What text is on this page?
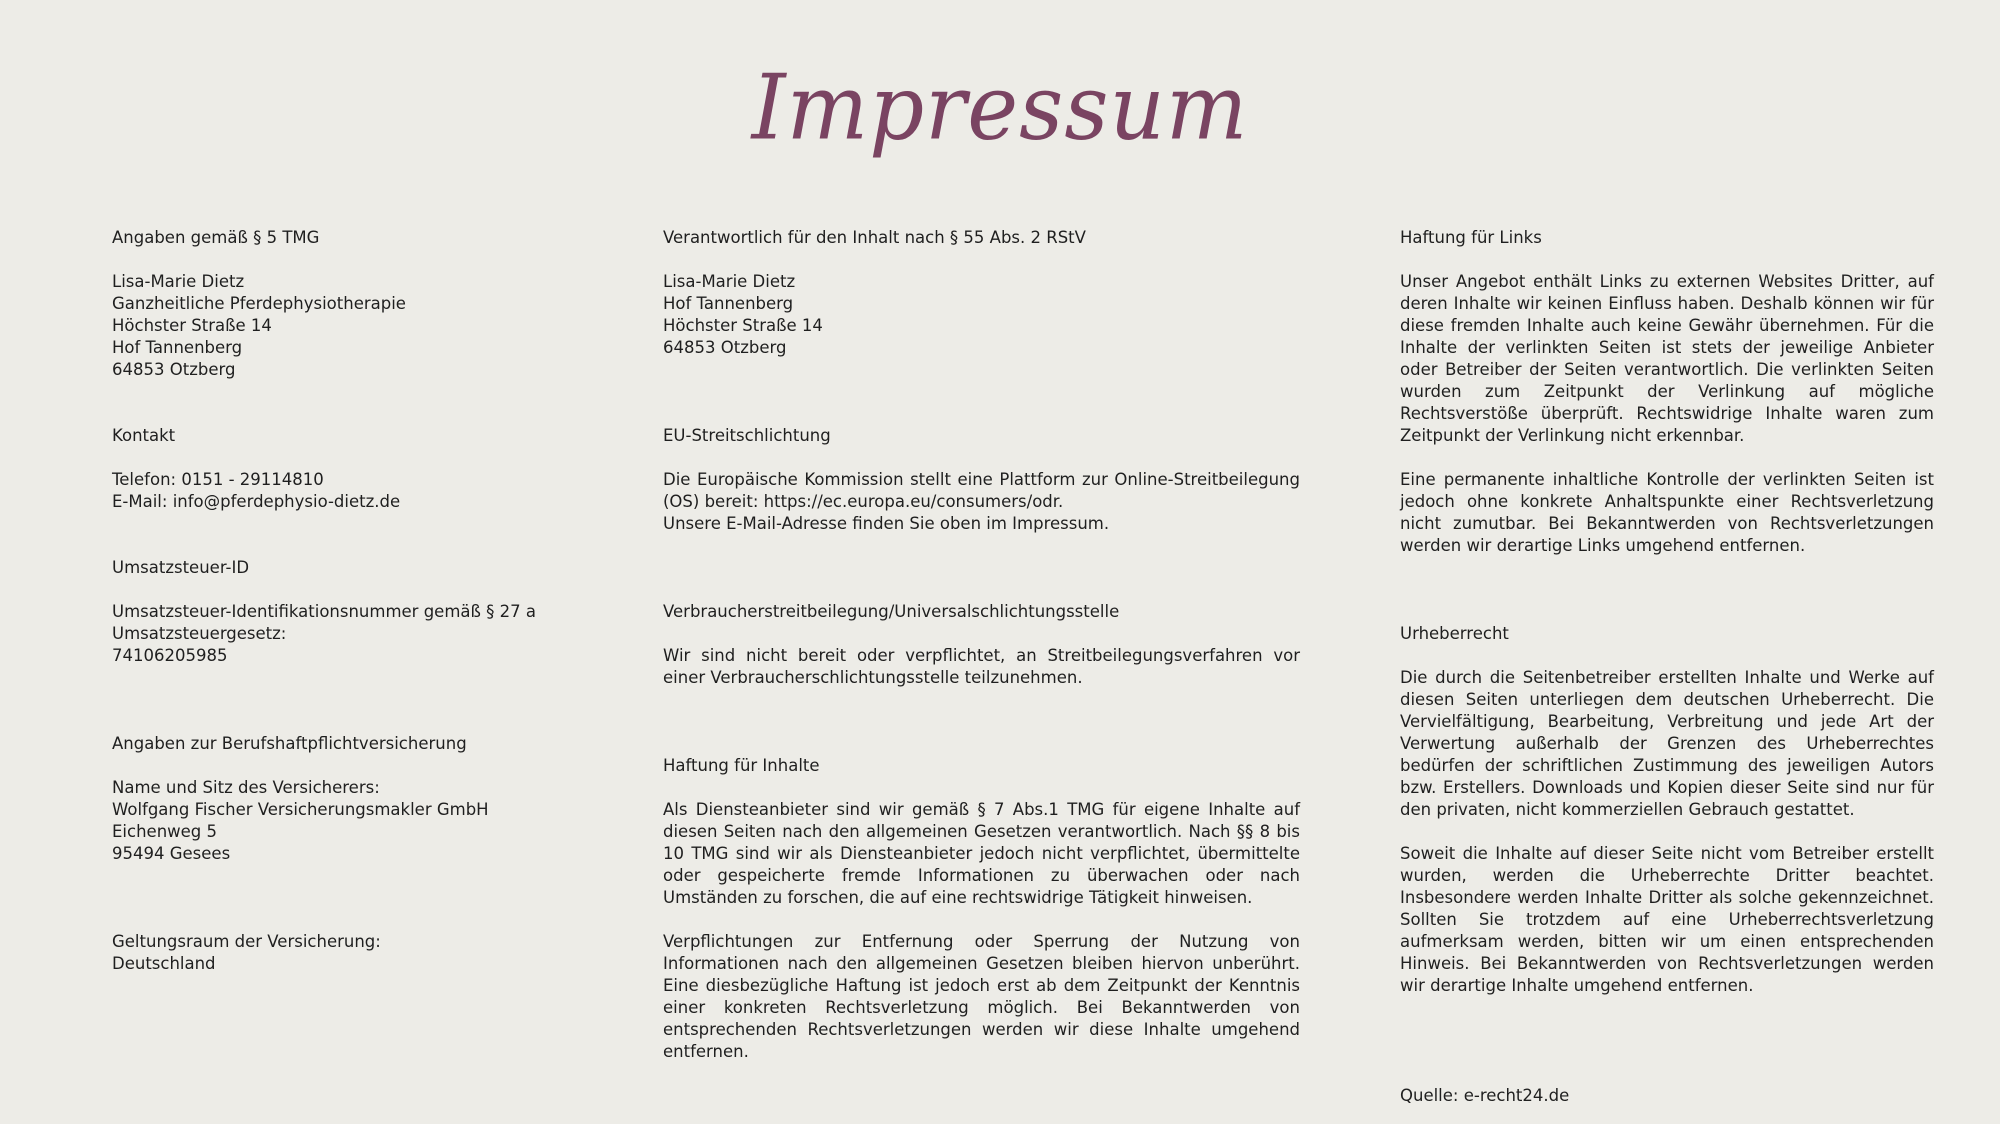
Impressum
Angaben gemäß § 5 TMG
Lisa-Marie Dietz
Ganzheitliche Pferdephysiotherapie
Höchster Straße 14
Hof Tannenberg
64853 Otzberg
Kontakt
Telefon: 0151 - 29114810
E-Mail: info@pferdephysio-dietz.de
Umsatzsteuer-ID

Umsatzsteuer-Identifikationsnummer gemäß § 27 a Umsatzsteuergesetz:

74106205985
Angaben zur Berufshaftpflichtversicherung
Name und Sitz des Versicherers:
Wolfgang Fischer Versicherungsmakler GmbH
Eichenweg 5
95494 Gesees
Geltungsraum der Versicherung:
Deutschland
Verantwortlich für den Inhalt nach § 55 Abs. 2 RStV
Lisa-Marie Dietz
Hof Tannenberg
Höchster Straße 14
64853 Otzberg
EU-Streitschlichtung

Die Europäische Kommission stellt eine Plattform zur Online-Streitbeilegung (OS) bereit: https://ec.europa.eu/consumers/odr.

Unsere E-Mail-Adresse finden Sie oben im Impressum.

Verbraucherstreitbeilegung/Universalschlichtungsstelle

Wir sind nicht bereit oder verpflichtet, an Streitbeilegungsverfahren vor einer Verbraucherschlichtungsstelle teilzunehmen.

Haftung für Inhalte

Als Diensteanbieter sind wir gemäß § 7 Abs.1 TMG für eigene Inhalte auf diesen Seiten nach den allgemeinen Gesetzen verantwortlich. Nach §§ 8 bis 10 TMG sind wir als Diensteanbieter jedoch nicht verpflichtet, übermittelte oder gespeicherte fremde Informationen zu überwachen oder nach Umständen zu forschen, die auf eine rechtswidrige Tätigkeit hinweisen.

Verpflichtungen zur Entfernung oder Sperrung der Nutzung von Informationen nach den allgemeinen Gesetzen bleiben hiervon unberührt. Eine diesbezügliche Haftung ist jedoch erst ab dem Zeitpunkt der Kenntnis einer konkreten Rechtsverletzung möglich. Bei Bekanntwerden von entsprechenden Rechtsverletzungen werden wir diese Inhalte umgehend entfernen.

Haftung für Links

Unser Angebot enthält Links zu externen Websites Dritter, auf deren Inhalte wir keinen Einfluss haben. Deshalb können wir für diese fremden Inhalte auch keine Gewähr übernehmen. Für die Inhalte der verlinkten Seiten ist stets der jeweilige Anbieter oder Betreiber der Seiten verantwortlich. Die verlinkten Seiten wurden zum Zeitpunkt der Verlinkung auf mögliche Rechtsverstöße überprüft. Rechtswidrige Inhalte waren zum Zeitpunkt der Verlinkung nicht erkennbar.

Eine permanente inhaltliche Kontrolle der verlinkten Seiten ist jedoch ohne konkrete Anhaltspunkte einer Rechtsverletzung nicht zumutbar. Bei Bekanntwerden von Rechtsverletzungen werden wir derartige Links umgehend entfernen.

Urheberrecht

Die durch die Seitenbetreiber erstellten Inhalte und Werke auf diesen Seiten unterliegen dem deutschen Urheberrecht. Die Vervielfältigung, Bearbeitung, Verbreitung und jede Art der Verwertung außerhalb der Grenzen des Urheberrechtes bedürfen der schriftlichen Zustimmung des jeweiligen Autors bzw. Erstellers. Downloads und Kopien dieser Seite sind nur für den privaten, nicht kommerziellen Gebrauch gestattet.

Soweit die Inhalte auf dieser Seite nicht vom Betreiber erstellt wurden, werden die Urheberrechte Dritter beachtet. Insbesondere werden Inhalte Dritter als solche gekennzeichnet. Sollten Sie trotzdem auf eine Urheberrechtsverletzung aufmerksam werden, bitten wir um einen entsprechenden Hinweis. Bei Bekanntwerden von Rechtsverletzungen werden wir derartige Inhalte umgehend entfernen.

Quelle: e-recht24.de
